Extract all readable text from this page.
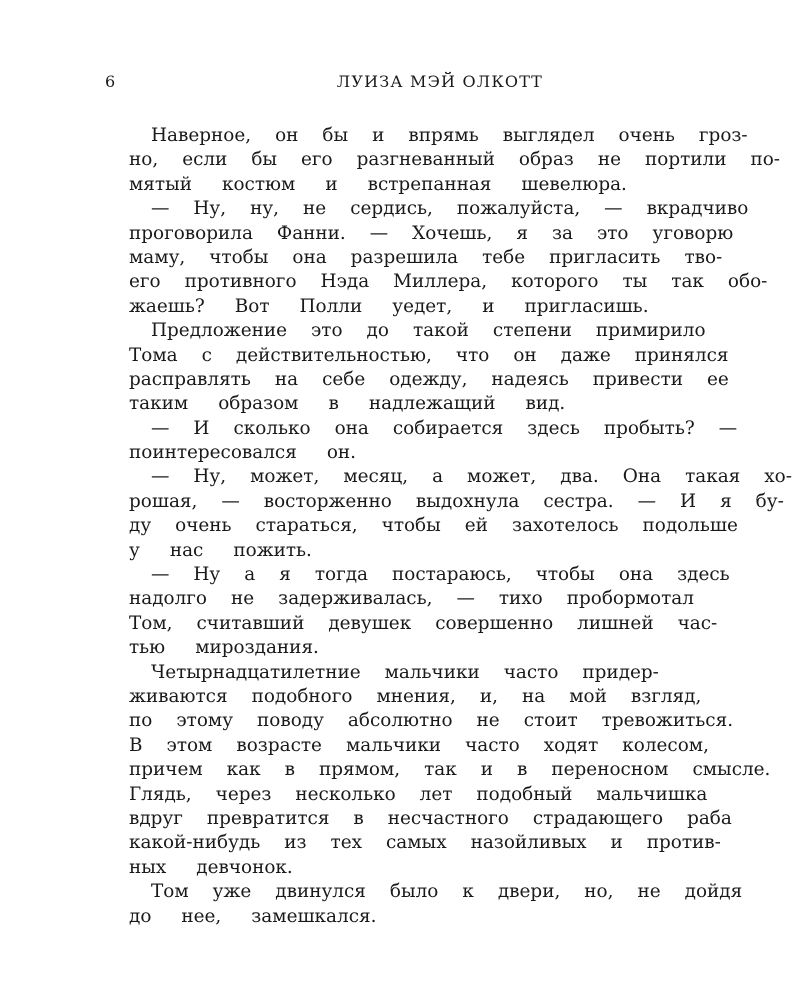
6	ЛУИЗА МЭЙ ОЛКОТТ
Наверное,	он	бы	и	впрямь	выглядел	очень	гроз-
но,	если	бы	его	разгневанный	образ	не	портили	по-
мятый	костюм	и	встрепанная	шевелюра.
—	Ну,	ну,	не	сердись,	пожалуйста,	—	вкрадчиво
проговорила	Фанни.	—	Хочешь,	я	за	это	уговорю
маму,	чтобы	она	разрешила	тебе	пригласить	тво-
его	противного	Нэда	Миллера,	которого	ты	так	обо-
жаешь?	Вот	Полли	уедет,	и	пригласишь.
Предложение	это	до	такой	степени	примирило
Тома	с	действительностью,	что	он	даже	принялся
расправлять	на	себе	одежду,	надеясь	привести	ее
таким	образом	в	надлежащий	вид.
—	И	сколько	она	собирается	здесь	пробыть?	—
поинтересовался	он.
—	Ну,	может,	месяц,	а	может,	два.	Она	такая	хо-
рошая,	—	восторженно	выдохнула	сестра.	—	И	я	бу-
ду	очень	стараться,	чтобы	ей	захотелось	подольше
у	нас	пожить.
—	Ну	а	я	тогда	постараюсь,	чтобы	она	здесь
надолго	не	задерживалась,	—	тихо	пробормотал
Том,	считавший	девушек	совершенно	лишней	час-
тью	мироздания.
Четырнадцатилетние	мальчики	часто	придер-
живаются	подобного	мнения,	и,	на	мой	взгляд,
по	этому	поводу	абсолютно	не	стоит	тревожиться.
В	этом	возрасте	мальчики	часто	ходят	колесом,
причем	как	в	прямом,	так	и	в	переносном	смысле.
Глядь,	через	несколько	лет	подобный	мальчишка
вдруг	превратится	в	несчастного	страдающего	раба
какой-нибудь	из	тех	самых	назойливых	и	против-
ных	девчонок.
Том	уже	двинулся	было	к	двери,	но,	не	дойдя
до	нее,	замешкался.
